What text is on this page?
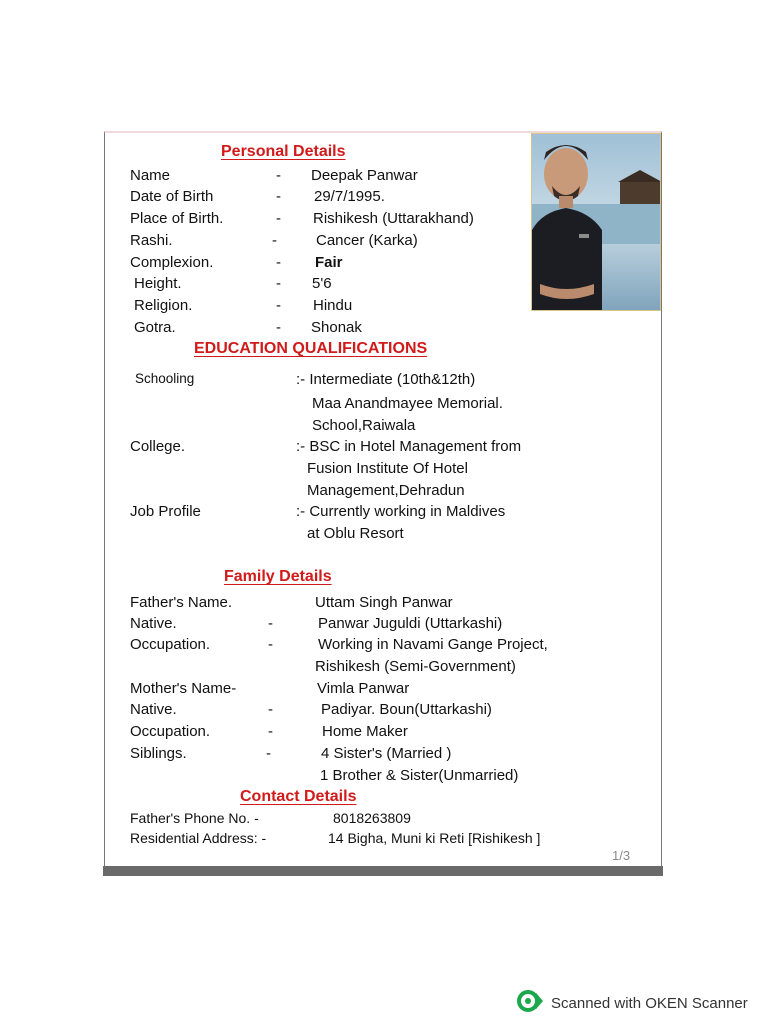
Personal Details
Name	- Deepak Panwar
Date of Birth	- 29/7/1995.
Place of Birth.	- Rishikesh (Uttarakhand)
Rashi.	-	Cancer (Karka)
Complexion.	- Fair
Height.	- 5'6
Religion.	- Hindu
Gotra.	- Shonak
EDUCATION QUALIFICATIONS
Schooling	:- Intermediate (10th&12th)
Maa Anandmayee Memorial.
School,Raiwala
College.	:- BSC in Hotel Management from
Fusion Institute Of Hotel
Management,Dehradun
Job Profile	:- Currently working in Maldives
at Oblu Resort
Family Details
Father's Name.	Uttam Singh Panwar
Native.	-	Panwar Juguldi (Uttarkashi)
Occupation.	-	Working in Navami Gange Project,
Rishikesh (Semi-Government)
Mother's Name-	Vimla Panwar
Native.	-	Padiyar. Boun(Uttarkashi)
Occupation.	-	Home Maker
Siblings.	-	4 Sister's (Married )
1 Brother & Sister(Unmarried)
Contact Details
Father's Phone No. -	8018263809
Residential Address: -	14 Bigha, Muni ki Reti [Rishikesh ]
1/3
Scanned with OKEN Scanner
